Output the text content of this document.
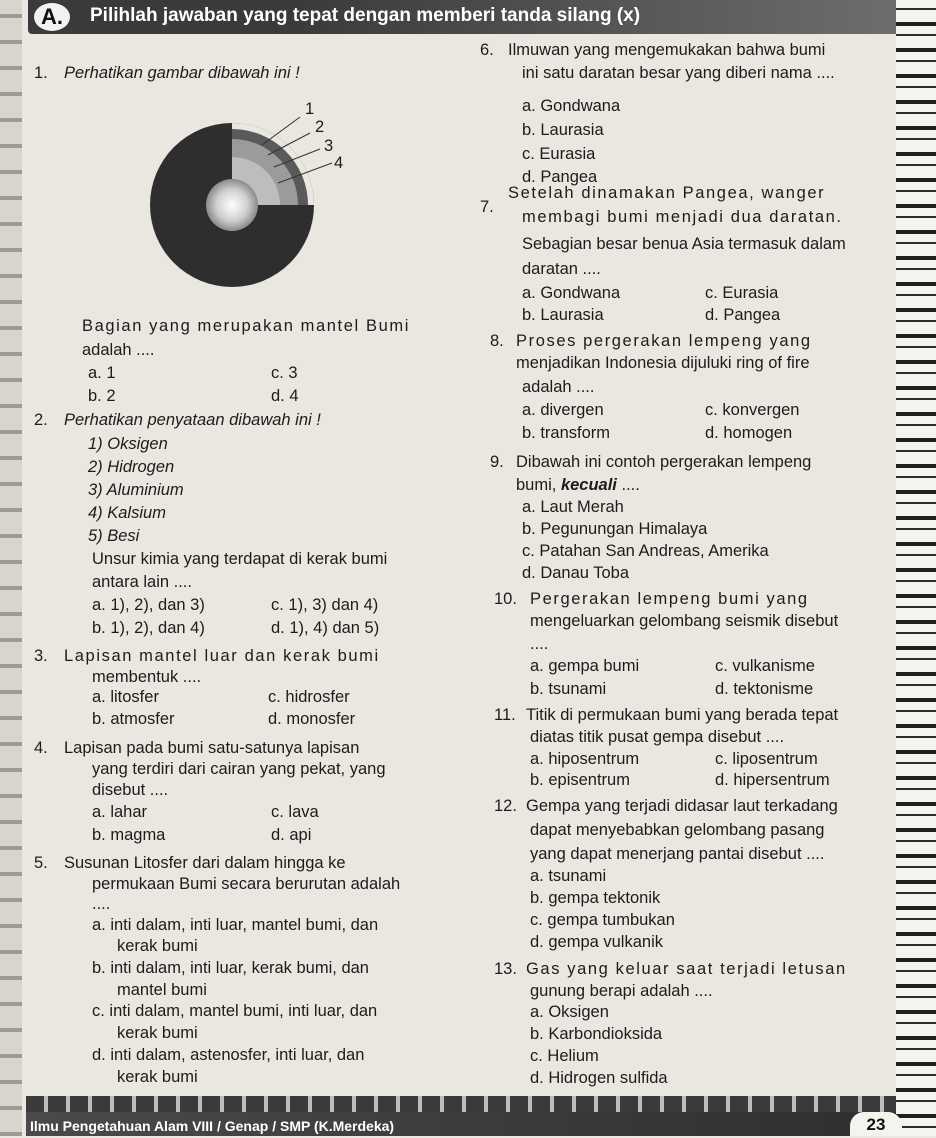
A.	Pilihlah jawaban yang tepat dengan memberi tanda silang (x)
1. Perhatikan gambar dibawah ini !
1
2
3
4
Bagian yang merupakan mantel Bumi
adalah ....
a. 1	c. 3
b. 2	d. 4
2. Perhatikan penyataan dibawah ini !
1) Oksigen
2) Hidrogen
3) Aluminium
4) Kalsium
5) Besi
Unsur kimia yang terdapat di kerak bumi
antara lain ....
a. 1), 2), dan 3)	c. 1), 3) dan 4)
b. 1), 2), dan 4)	d. 1), 4) dan 5)
3. Lapisan mantel luar dan kerak bumi
membentuk ....
a. litosfer	c. hidrosfer
b. atmosfer	d. monosfer
4. Lapisan pada bumi satu-satunya lapisan
yang terdiri dari cairan yang pekat, yang
disebut ....
a. lahar	c. lava
b. magma	d. api
5. Susunan Litosfer dari dalam hingga ke
permukaan Bumi secara berurutan adalah
....
a. inti dalam, inti luar, mantel bumi, dan
kerak bumi
b. inti dalam, inti luar, kerak bumi, dan
mantel bumi
c. inti dalam, mantel bumi, inti luar, dan
kerak bumi
d. inti dalam, astenosfer, inti luar, dan
kerak bumi
6. Ilmuwan yang mengemukakan bahwa bumi
ini satu daratan besar yang diberi nama ....
a. Gondwana
b. Laurasia
c. Eurasia
d. Pangea
7.
Setelah dinamakan Pangea, wanger
membagi bumi menjadi dua daratan.
Sebagian besar benua Asia termasuk dalam
daratan ....
a. Gondwana	c. Eurasia
b. Laurasia	d. Pangea
8. Proses pergerakan lempeng yang
menjadikan Indonesia dijuluki ring of fire
adalah ....
a. divergen	c. konvergen
b. transform	d. homogen
9. Dibawah ini contoh pergerakan lempeng
bumi, kecuali ....
a. Laut Merah
b. Pegunungan Himalaya
c. Patahan San Andreas, Amerika
d. Danau Toba
10. Pergerakan lempeng bumi yang
mengeluarkan gelombang seismik disebut
....
a. gempa bumi	c. vulkanisme
b. tsunami	d. tektonisme
11. Titik di permukaan bumi yang berada tepat
diatas titik pusat gempa disebut ....
a. hiposentrum	c. liposentrum
b. episentrum	d. hipersentrum
12. Gempa yang terjadi didasar laut terkadang
dapat menyebabkan gelombang pasang
yang dapat menerjang pantai disebut ....
a. tsunami
b. gempa tektonik
c. gempa tumbukan
d. gempa vulkanik
13. Gas yang keluar saat terjadi letusan
gunung berapi adalah ....
a. Oksigen
b. Karbondioksida
c. Helium
d. Hidrogen sulfida
Ilmu Pengetahuan Alam VIII / Genap / SMP (K.Merdeka)	23
